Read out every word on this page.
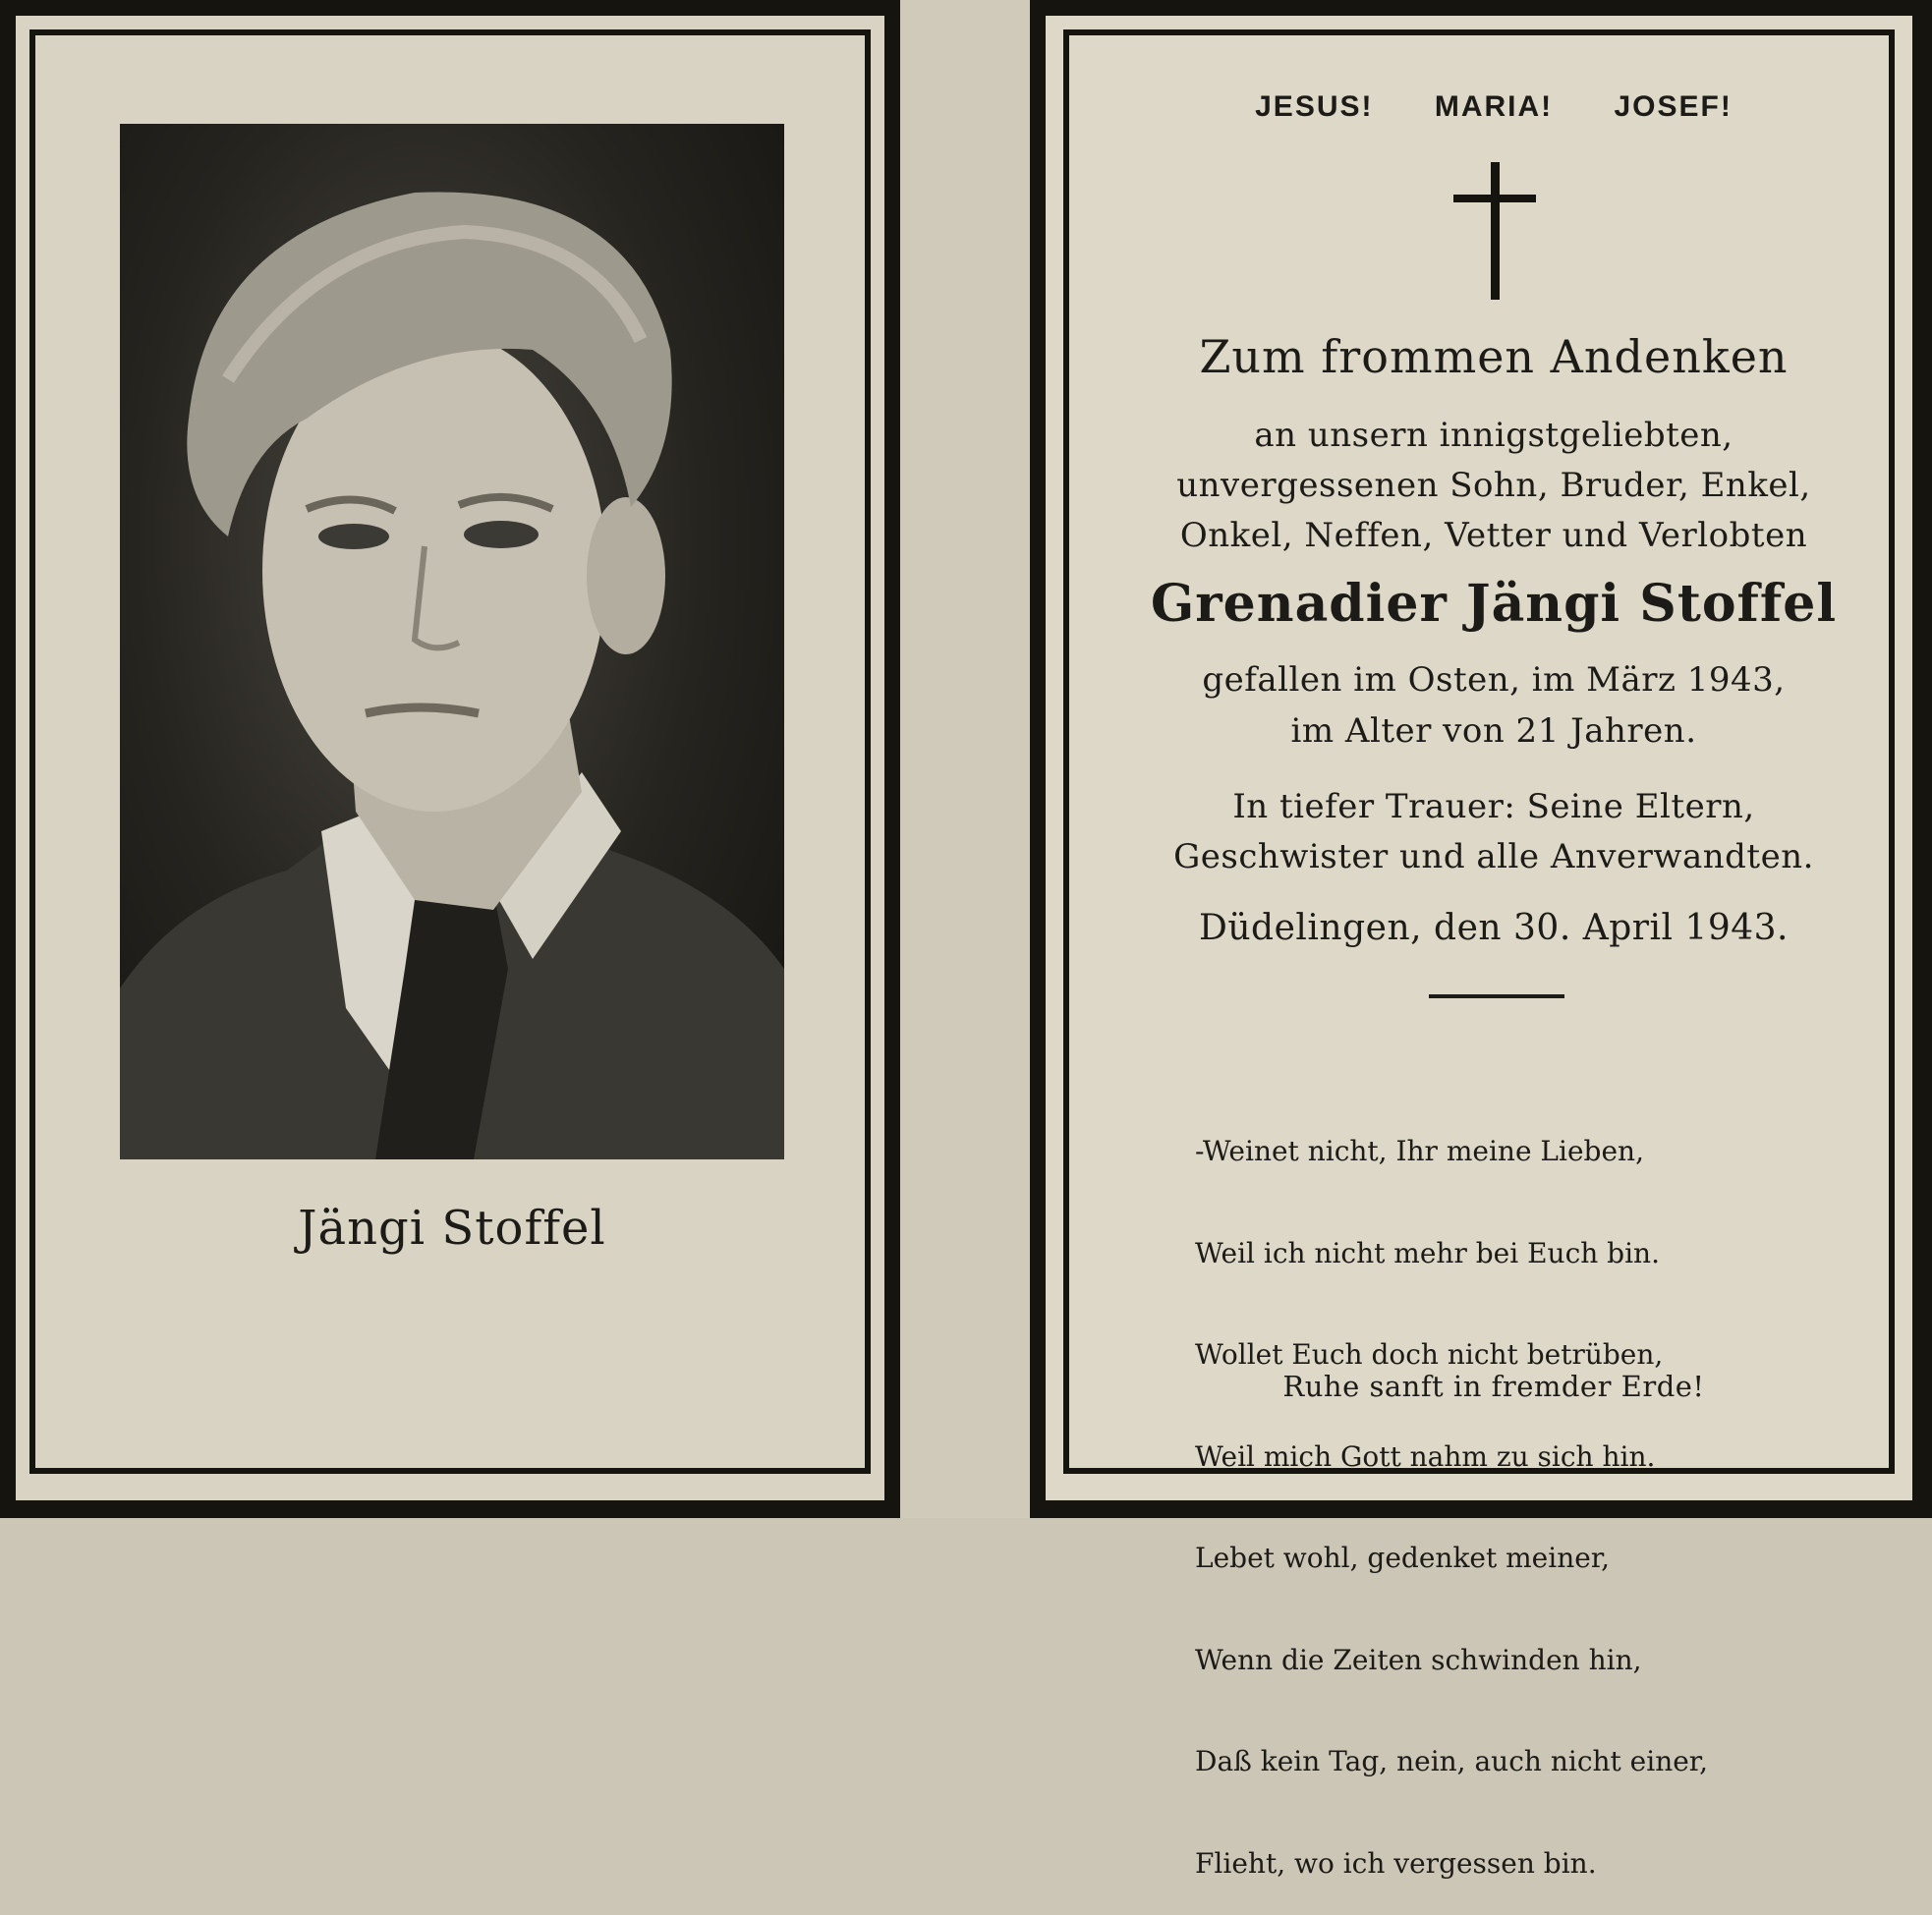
Jängi Stoffel
JESUS! MARIA! JOSEF!
Zum frommen Andenken
an unsern innigstgeliebten,
unvergessenen Sohn, Bruder, Enkel,
Onkel, Neffen, Vetter und Verlobten
Grenadier Jängi Stoffel
gefallen im Osten, im März 1943,
im Alter von 21 Jahren.
In tiefer Trauer: Seine Eltern,
Geschwister und alle Anverwandten.
Düdelingen, den 30. April 1943.

-Weinet nicht, Ihr meine Lieben,

Weil ich nicht mehr bei Euch bin.

Wollet Euch doch nicht betrüben,

Weil mich Gott nahm zu sich hin.

Lebet wohl, gedenket meiner,

Wenn die Zeiten schwinden hin,

Daß kein Tag, nein, auch nicht einer,

Flieht, wo ich vergessen bin.

Ruhe sanft in fremder Erde!
